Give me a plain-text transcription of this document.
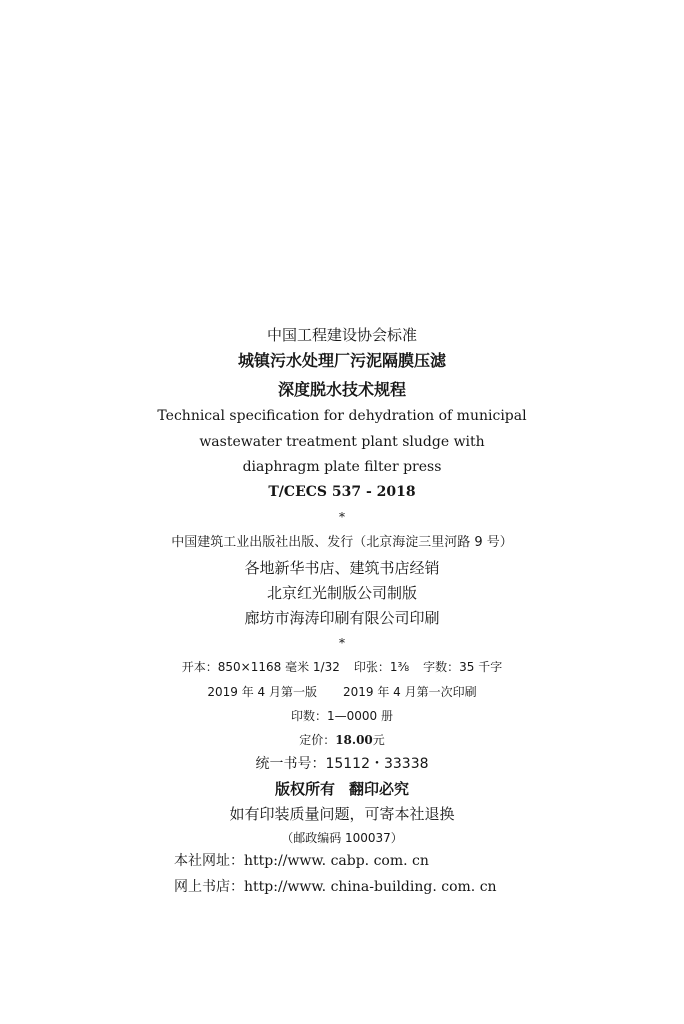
中国工程建设协会标准
城镇污水处理厂污泥隔膜压滤
深度脱水技术规程
Technical specification for dehydration of municipal
wastewater treatment plant sludge with
diaphragm plate filter press
T/CECS 537 - 2018
*
中国建筑工业出版社出版、发行（北京海淀三里河路 9 号）
各地新华书店、建筑书店经销
北京红光制版公司制版
廊坊市海涛印刷有限公司印刷
*
开本：850×1168 毫米 1/32 印张：1⅜ 字数：35 千字
2019 年 4 月第一版 2019 年 4 月第一次印刷
印数：1—0000 册
定价：18.00元
统一书号：15112・33338
版权所有 翻印必究
如有印装质量问题，可寄本社退换
（邮政编码 100037）
本社网址：http://www. cabp. com. cn
网上书店：http://www. china-building. com. cn
